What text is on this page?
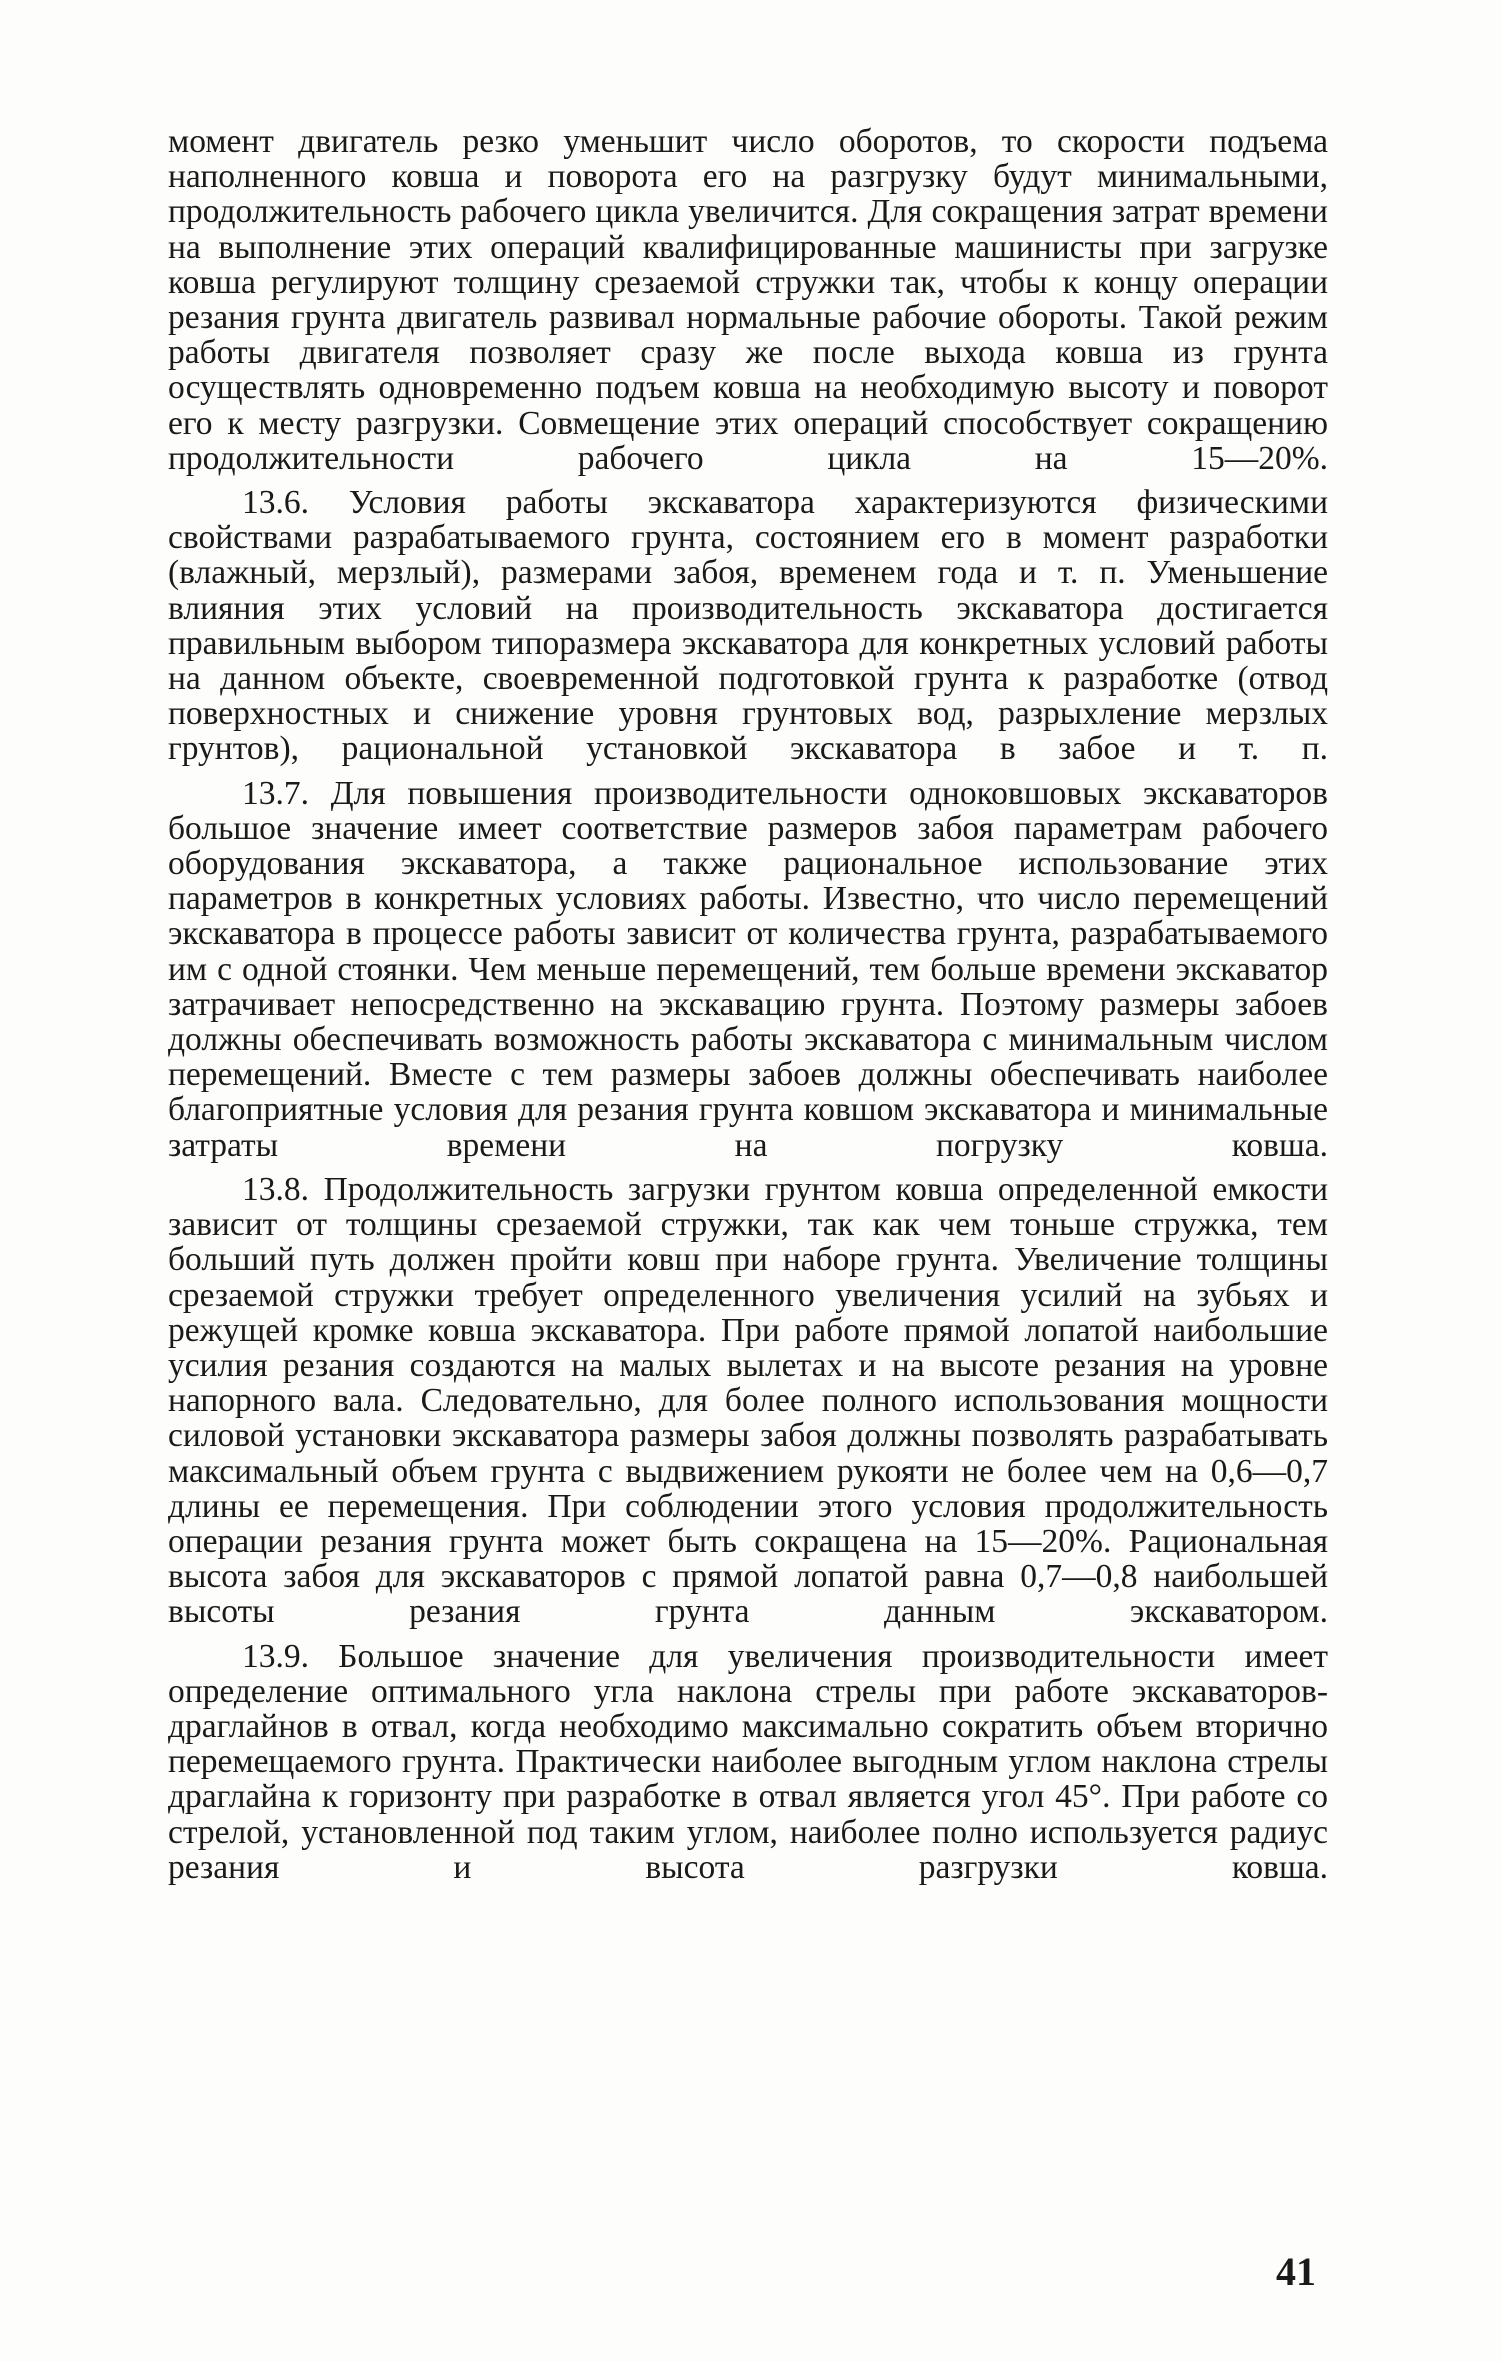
момент двигатель резко уменьшит число оборотов, то скорости подъема наполненного ковша и поворота его на разгрузку будут минимальными, продолжительность рабочего цикла увеличится. Для сокращения затрат времени на выполнение этих операций квалифицированные машинисты при загрузке ковша регулируют толщину срезаемой стружки так, чтобы к концу операции резания грунта двигатель развивал нормальные рабочие обороты. Такой режим работы двигателя позволяет сразу же после выхода ковша из грунта осуществлять одновременно подъем ковша на необходимую высоту и поворот его к месту разгрузки. Совмещение этих операций способствует сокращению продолжительности рабочего цикла на 15—20%.

13.6. Условия работы экскаватора характеризуются физическими свойствами разрабатываемого грунта, состоянием его в момент разработки (влажный, мерзлый), размерами забоя, временем года и т. п. Уменьшение влияния этих условий на производительность экскаватора достигается правильным выбором типоразмера экскаватора для конкретных условий работы на данном объекте, своевременной подготовкой грунта к разработке (отвод поверхностных и снижение уровня грунтовых вод, разрыхление мерзлых грунтов), рациональной установкой экскаватора в забое и т. п.

13.7. Для повышения производительности одноковшовых экскаваторов большое значение имеет соответствие размеров забоя параметрам рабочего оборудования экскаватора, а также рациональное использование этих параметров в конкретных условиях работы. Известно, что число перемещений экскаватора в процессе работы зависит от количества грунта, разрабатываемого им с одной стоянки. Чем меньше перемещений, тем больше времени экскаватор затрачивает непосредственно на экскавацию грунта. Поэтому размеры забоев должны обеспечивать возможность работы экскаватора с минимальным числом перемещений. Вместе с тем размеры забоев должны обеспечивать наиболее благоприятные условия для резания грунта ковшом экскаватора и минимальные затраты времени на погрузку ковша.

13.8. Продолжительность загрузки грунтом ковша определенной емкости зависит от толщины срезаемой стружки, так как чем тоньше стружка, тем больший путь должен пройти ковш при наборе грунта. Увеличение толщины срезаемой стружки требует определенного увеличения усилий на зубьях и режущей кромке ковша экскаватора. При работе прямой лопатой наибольшие усилия резания создаются на малых вылетах и на высоте резания на уровне напорного вала. Следовательно, для более полного использования мощности силовой установки экскаватора размеры забоя должны позволять разрабатывать максимальный объем грунта с выдвижением рукояти не более чем на 0,6—0,7 длины ее перемещения. При соблюдении этого условия продолжительность операции резания грунта может быть сокращена на 15—20%. Рациональная высота забоя для экскаваторов с прямой лопатой равна 0,7—0,8 наибольшей высоты резания грунта данным экскаватором.

13.9. Большое значение для увеличения производительности имеет определение оптимального угла наклона стрелы при работе экскаваторов-драглайнов в отвал, когда необходимо максимально сократить объем вторично перемещаемого грунта. Практически наиболее выгодным углом наклона стрелы драглайна к горизонту при разработке в отвал является угол 45°. При работе со стрелой, установленной под таким углом, наиболее полно используется радиус резания и высота разгрузки ковша.

41
